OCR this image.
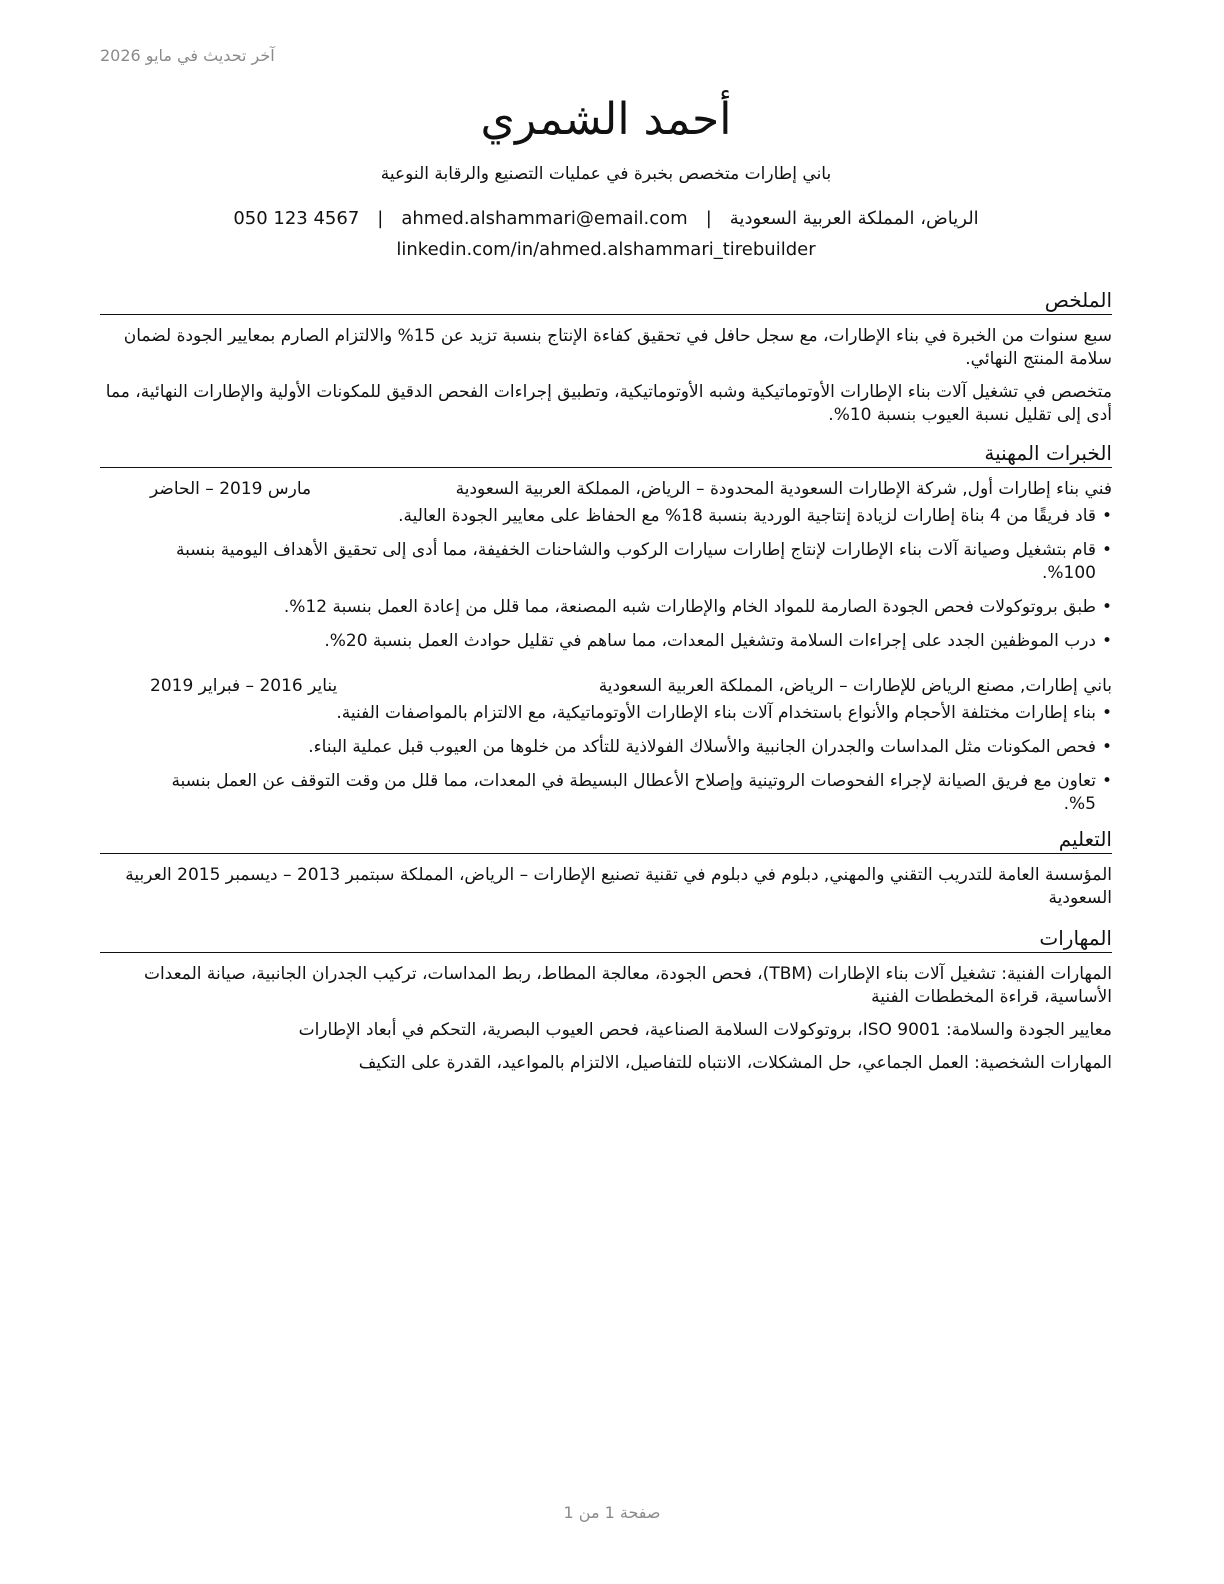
آخر تحديث في مايو 2026
أحمد الشمري
باني إطارات متخصص بخبرة في عمليات التصنيع والرقابة النوعية
الرياض، المملكة العربية السعودية
|
ahmed.alshammari@email.com
|
050 123 4567
linkedin.com/in/ahmed.alshammari_tirebuilder
الملخص

سبع سنوات من الخبرة في بناء الإطارات، مع سجل حافل في تحقيق كفاءة الإنتاج بنسبة تزيد عن 15% والالتزام الصارم بمعايير الجودة لضمان سلامة المنتج النهائي.

متخصص في تشغيل آلات بناء الإطارات الأوتوماتيكية وشبه الأوتوماتيكية، وتطبيق إجراءات الفحص الدقيق للمكونات الأولية والإطارات النهائية، مما أدى إلى تقليل نسبة العيوب بنسبة 10%.

الخبرات المهنية
فني بناء إطارات أول, شركة الإطارات السعودية المحدودة – الرياض، المملكة العربية السعودية
مارس 2019 – الحاضر
• قاد فريقًا من 4 بناة إطارات لزيادة إنتاجية الوردية بنسبة 18% مع الحفاظ على معايير الجودة العالية.
• قام بتشغيل وصيانة آلات بناء الإطارات لإنتاج إطارات سيارات الركوب والشاحنات الخفيفة، مما أدى إلى تحقيق الأهداف اليومية بنسبة 100%.
• طبق بروتوكولات فحص الجودة الصارمة للمواد الخام والإطارات شبه المصنعة، مما قلل من إعادة العمل بنسبة 12%.
• درب الموظفين الجدد على إجراءات السلامة وتشغيل المعدات، مما ساهم في تقليل حوادث العمل بنسبة 20%.
باني إطارات, مصنع الرياض للإطارات – الرياض، المملكة العربية السعودية
يناير 2016 – فبراير 2019
• بناء إطارات مختلفة الأحجام والأنواع باستخدام آلات بناء الإطارات الأوتوماتيكية، مع الالتزام بالمواصفات الفنية.
• فحص المكونات مثل المداسات والجدران الجانبية والأسلاك الفولاذية للتأكد من خلوها من العيوب قبل عملية البناء.
• تعاون مع فريق الصيانة لإجراء الفحوصات الروتينية وإصلاح الأعطال البسيطة في المعدات، مما قلل من وقت التوقف عن العمل بنسبة 5%.
التعليم
المؤسسة العامة للتدريب التقني والمهني, دبلوم في دبلوم في تقنية تصنيع الإطارات – الرياض، المملكة سبتمبر 2013 – ديسمبر 2015 العربية السعودية
المهارات
المهارات الفنية: تشغيل آلات بناء الإطارات (TBM)، فحص الجودة، معالجة المطاط، ربط المداسات، تركيب الجدران الجانبية، صيانة المعدات الأساسية، قراءة المخططات الفنية
معايير الجودة والسلامة: ISO 9001، بروتوكولات السلامة الصناعية، فحص العيوب البصرية، التحكم في أبعاد الإطارات
المهارات الشخصية: العمل الجماعي، حل المشكلات، الانتباه للتفاصيل، الالتزام بالمواعيد، القدرة على التكيف
صفحة 1 من 1
